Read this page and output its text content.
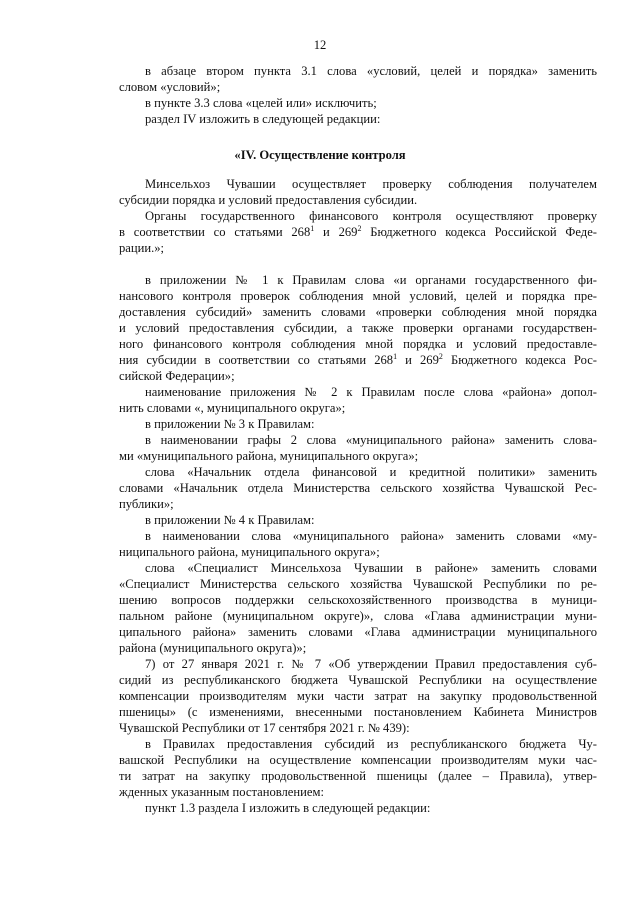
12
в абзаце втором пункта 3.1 слова «условий, целей и порядка» заменить
словом «условий»;
в пункте 3.3 слова «целей или» исключить;
раздел IV изложить в следующей редакции:
«IV. Осуществление контроля
Минсельхоз Чувашии осуществляет проверку соблюдения получателем
субсидии порядка и условий предоставления субсидии.
Органы государственного финансового контроля осуществляют проверку
в соответствии со статьями $268^1$ и $269^2$ Бюджетного кодекса Российской Феде-
рации.»;
в приложении № 1 к Правилам слова «и органами государственного фи-
нансового контроля проверок соблюдения мной условий, целей и порядка пре-
доставления субсидий» заменить словами «проверки соблюдения мной порядка
и условий предоставления субсидии, а также проверки органами государствен-
ного финансового контроля соблюдения мной порядка и условий предоставле-
ния субсидии в соответствии со статьями $268^1$ и $269^2$ Бюджетного кодекса Рос-
сийской Федерации»;
наименование приложения № 2 к Правилам после слова «района» допол-
нить словами «, муниципального округа»;
в приложении № 3 к Правилам:
в наименовании графы 2 слова «муниципального района» заменить слова-
ми «муниципального района, муниципального округа»;
слова «Начальник отдела финансовой и кредитной политики» заменить
словами «Начальник отдела Министерства сельского хозяйства Чувашской Рес-
публики»;
в приложении № 4 к Правилам:
в наименовании слова «муниципального района» заменить словами «му-
ниципального района, муниципального округа»;
слова «Специалист Минсельхоза Чувашии в районе» заменить словами
«Специалист Министерства сельского хозяйства Чувашской Республики по ре-
шению вопросов поддержки сельскохозяйственного производства в муници-
пальном районе (муниципальном округе)», слова «Глава администрации муни-
ципального района» заменить словами «Глава администрации муниципального
района (муниципального округа)»;
7) от 27 января 2021 г. № 7 «Об утверждении Правил предоставления суб-
сидий из республиканского бюджета Чувашской Республики на осуществление
компенсации производителям муки части затрат на закупку продовольственной
пшеницы» (с изменениями, внесенными постановлением Кабинета Министров
Чувашской Республики от 17 сентября 2021 г. № 439):
в Правилах предоставления субсидий из республиканского бюджета Чу-
вашской Республики на осуществление компенсации производителям муки час-
ти затрат на закупку продовольственной пшеницы (далее – Правила), утвер-
жденных указанным постановлением:
пункт 1.3 раздела I изложить в следующей редакции:
